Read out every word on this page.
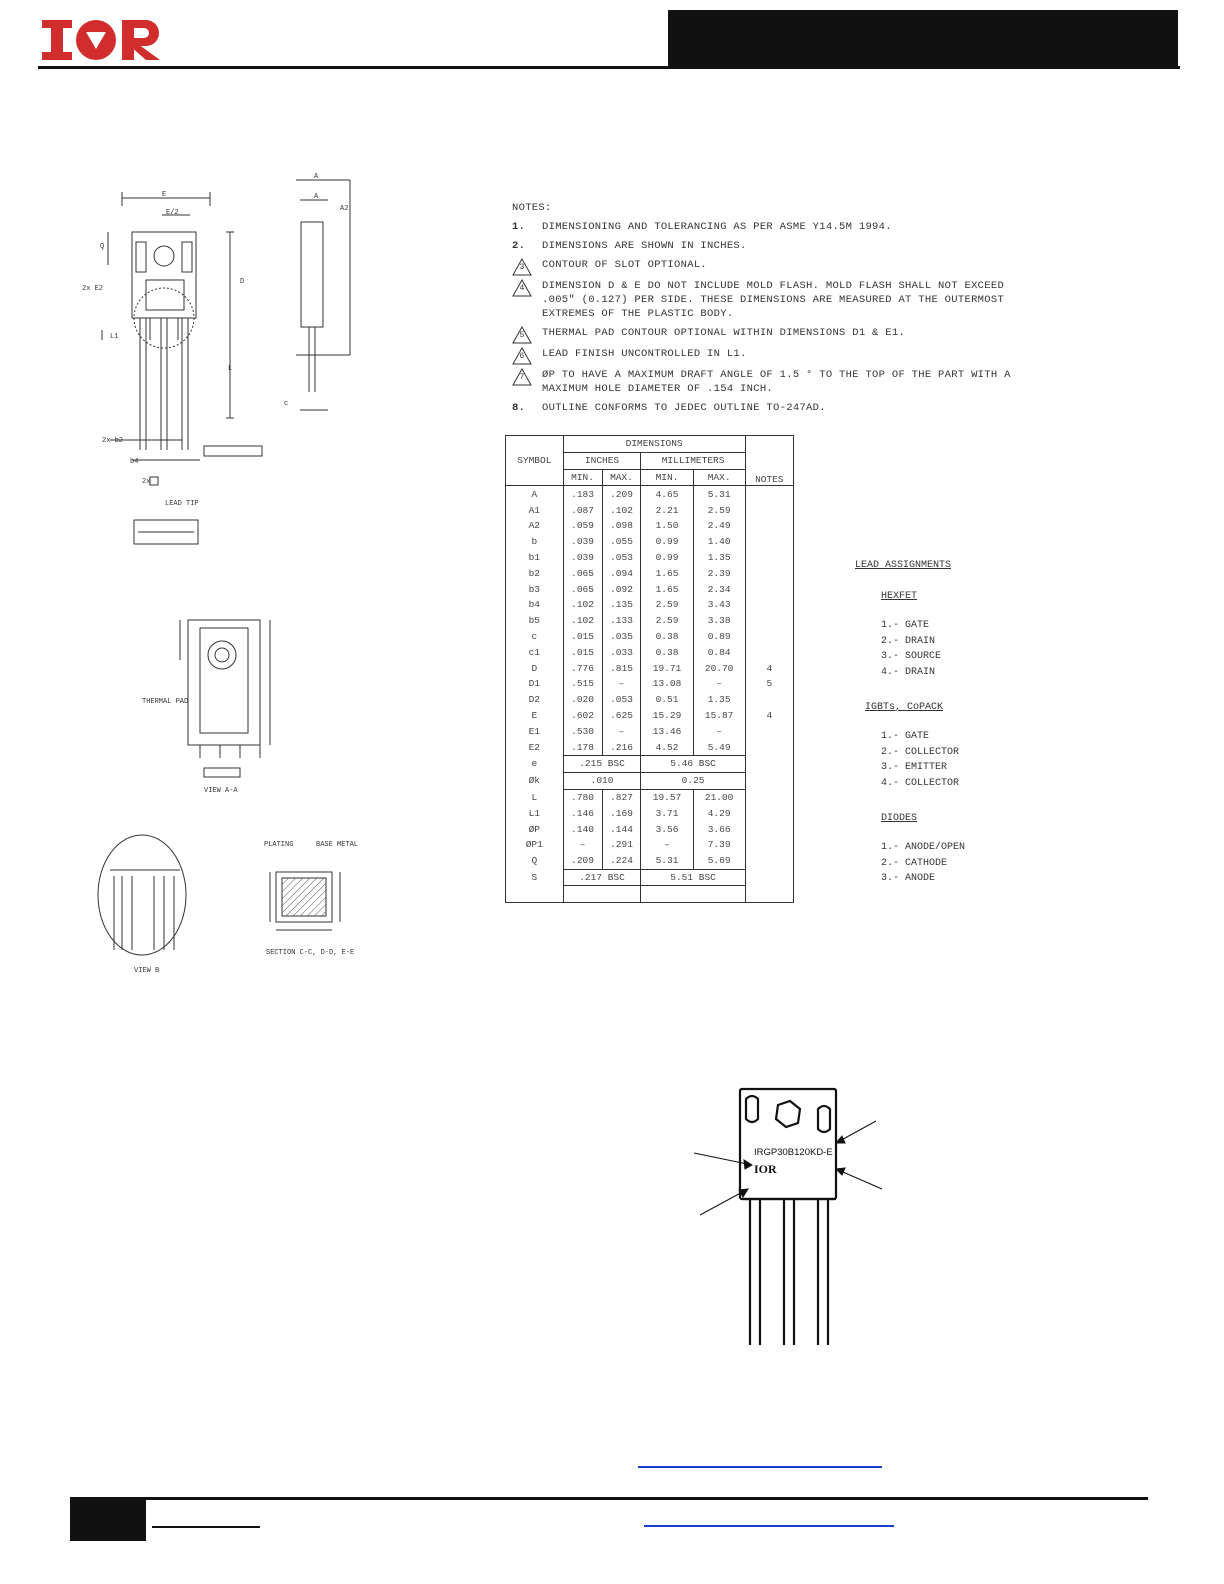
D
E
E/2
Q
2x E2
L1
L
2x b2
b4
2x
A
A
A2
c
LEAD TIP
THERMAL PAD
VIEW A-A
VIEW B
SECTION C-C, D-D, E-E
PLATING	BASE METAL
NOTES:
1.	DIMENSIONING AND TOLERANCING AS PER ASME Y14.5M 1994.
2.	DIMENSIONS ARE SHOWN IN INCHES.
3	CONTOUR OF SLOT OPTIONAL.
4	DIMENSION D & E DO NOT INCLUDE MOLD FLASH. MOLD FLASH SHALL NOT EXCEED .005" (0.127) PER SIDE. THESE DIMENSIONS ARE MEASURED AT THE OUTERMOST EXTREMES OF THE PLASTIC BODY.
5	THERMAL PAD CONTOUR OPTIONAL WITHIN DIMENSIONS D1 & E1.
6	LEAD FINISH UNCONTROLLED IN L1.
7	ØP TO HAVE A MAXIMUM DRAFT ANGLE OF 1.5 ° TO THE TOP OF THE PART WITH A MAXIMUM HOLE DIAMETER OF .154 INCH.
8.	OUTLINE CONFORMS TO JEDEC OUTLINE TO-247AD.
SYMBOL	DIMENSIONS				NOTES
	INCHES		MILLIMETERS		
	MIN.	MAX.	MIN.	MAX.	
A	.183	.209	4.65	5.31	
A1	.087	.102	2.21	2.59	
A2	.059	.098	1.50	2.49	
b	.039	.055	0.99	1.40	
b1	.039	.053	0.99	1.35	
b2	.065	.094	1.65	2.39	
b3	.065	.092	1.65	2.34	
b4	.102	.135	2.59	3.43	
b5	.102	.133	2.59	3.38	
c	.015	.035	0.38	0.89	
c1	.015	.033	0.38	0.84	
D	.776	.815	19.71	20.70	4
D1	.515	–	13.08	–	5
D2	.020	.053	0.51	1.35	
E	.602	.625	15.29	15.87	4
E1	.530	–	13.46	–	
E2	.178	.216	4.52	5.49	
e	.215 BSC		5.46 BSC		
Øk	.010		0.25		
L	.780	.827	19.57	21.00	
L1	.146	.169	3.71	4.29	
ØP	.140	.144	3.56	3.66	
ØP1	–	.291	–	7.39	
Q	.209	.224	5.31	5.69	
S	.217 BSC		5.51 BSC		

LEAD ASSIGNMENTS
HEXFET
1.- GATE
2.- DRAIN
3.- SOURCE
4.- DRAIN
IGBTs, CoPACK
1.- GATE
2.- COLLECTOR
3.- EMITTER
4.- COLLECTOR
DIODES
1.- ANODE/OPEN
2.- CATHODE
3.- ANODE
IRGP30B120KD-E
IOR
